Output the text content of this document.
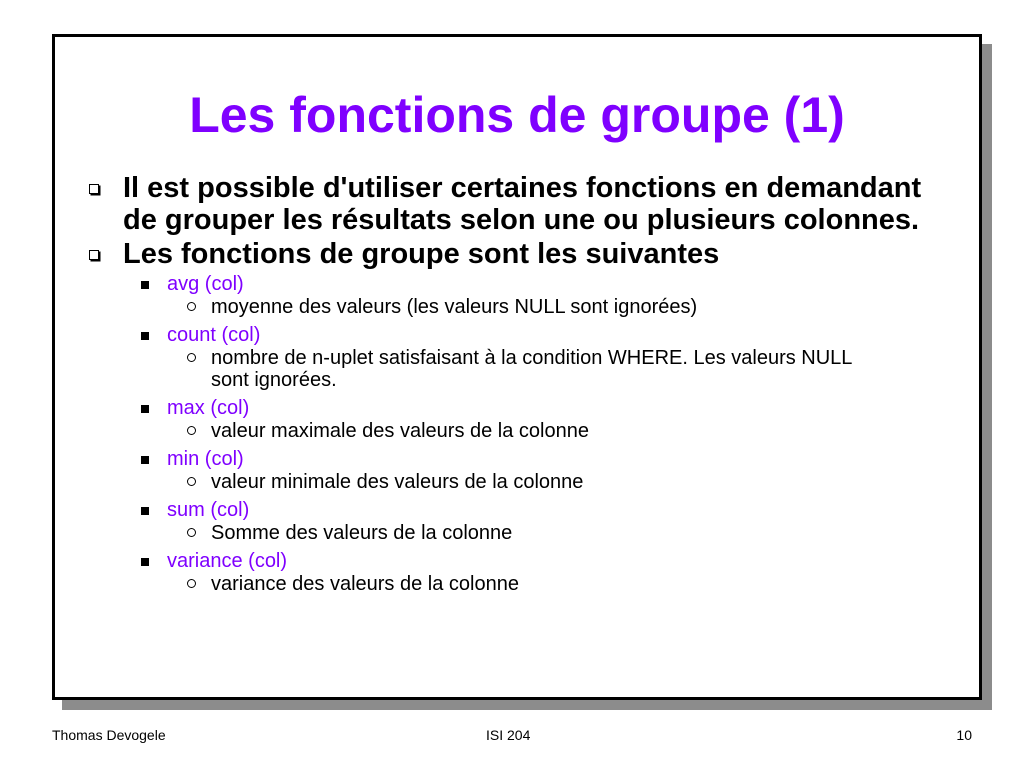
Les fonctions de groupe (1)
Il est possible d'utiliser certaines fonctions en demandant de grouper les résultats selon une ou plusieurs colonnes.
Les fonctions de groupe sont les suivantes
avg (col)
moyenne des valeurs (les valeurs NULL sont ignorées)
count (col)
nombre de n-uplet satisfaisant à la condition WHERE. Les valeurs NULL sont ignorées.
max (col)
valeur maximale des valeurs de la colonne
min (col)
valeur minimale des valeurs de la colonne
sum (col)
Somme des valeurs de la colonne
variance (col)
variance des valeurs de la colonne
Thomas Devogele	ISI 204	10
